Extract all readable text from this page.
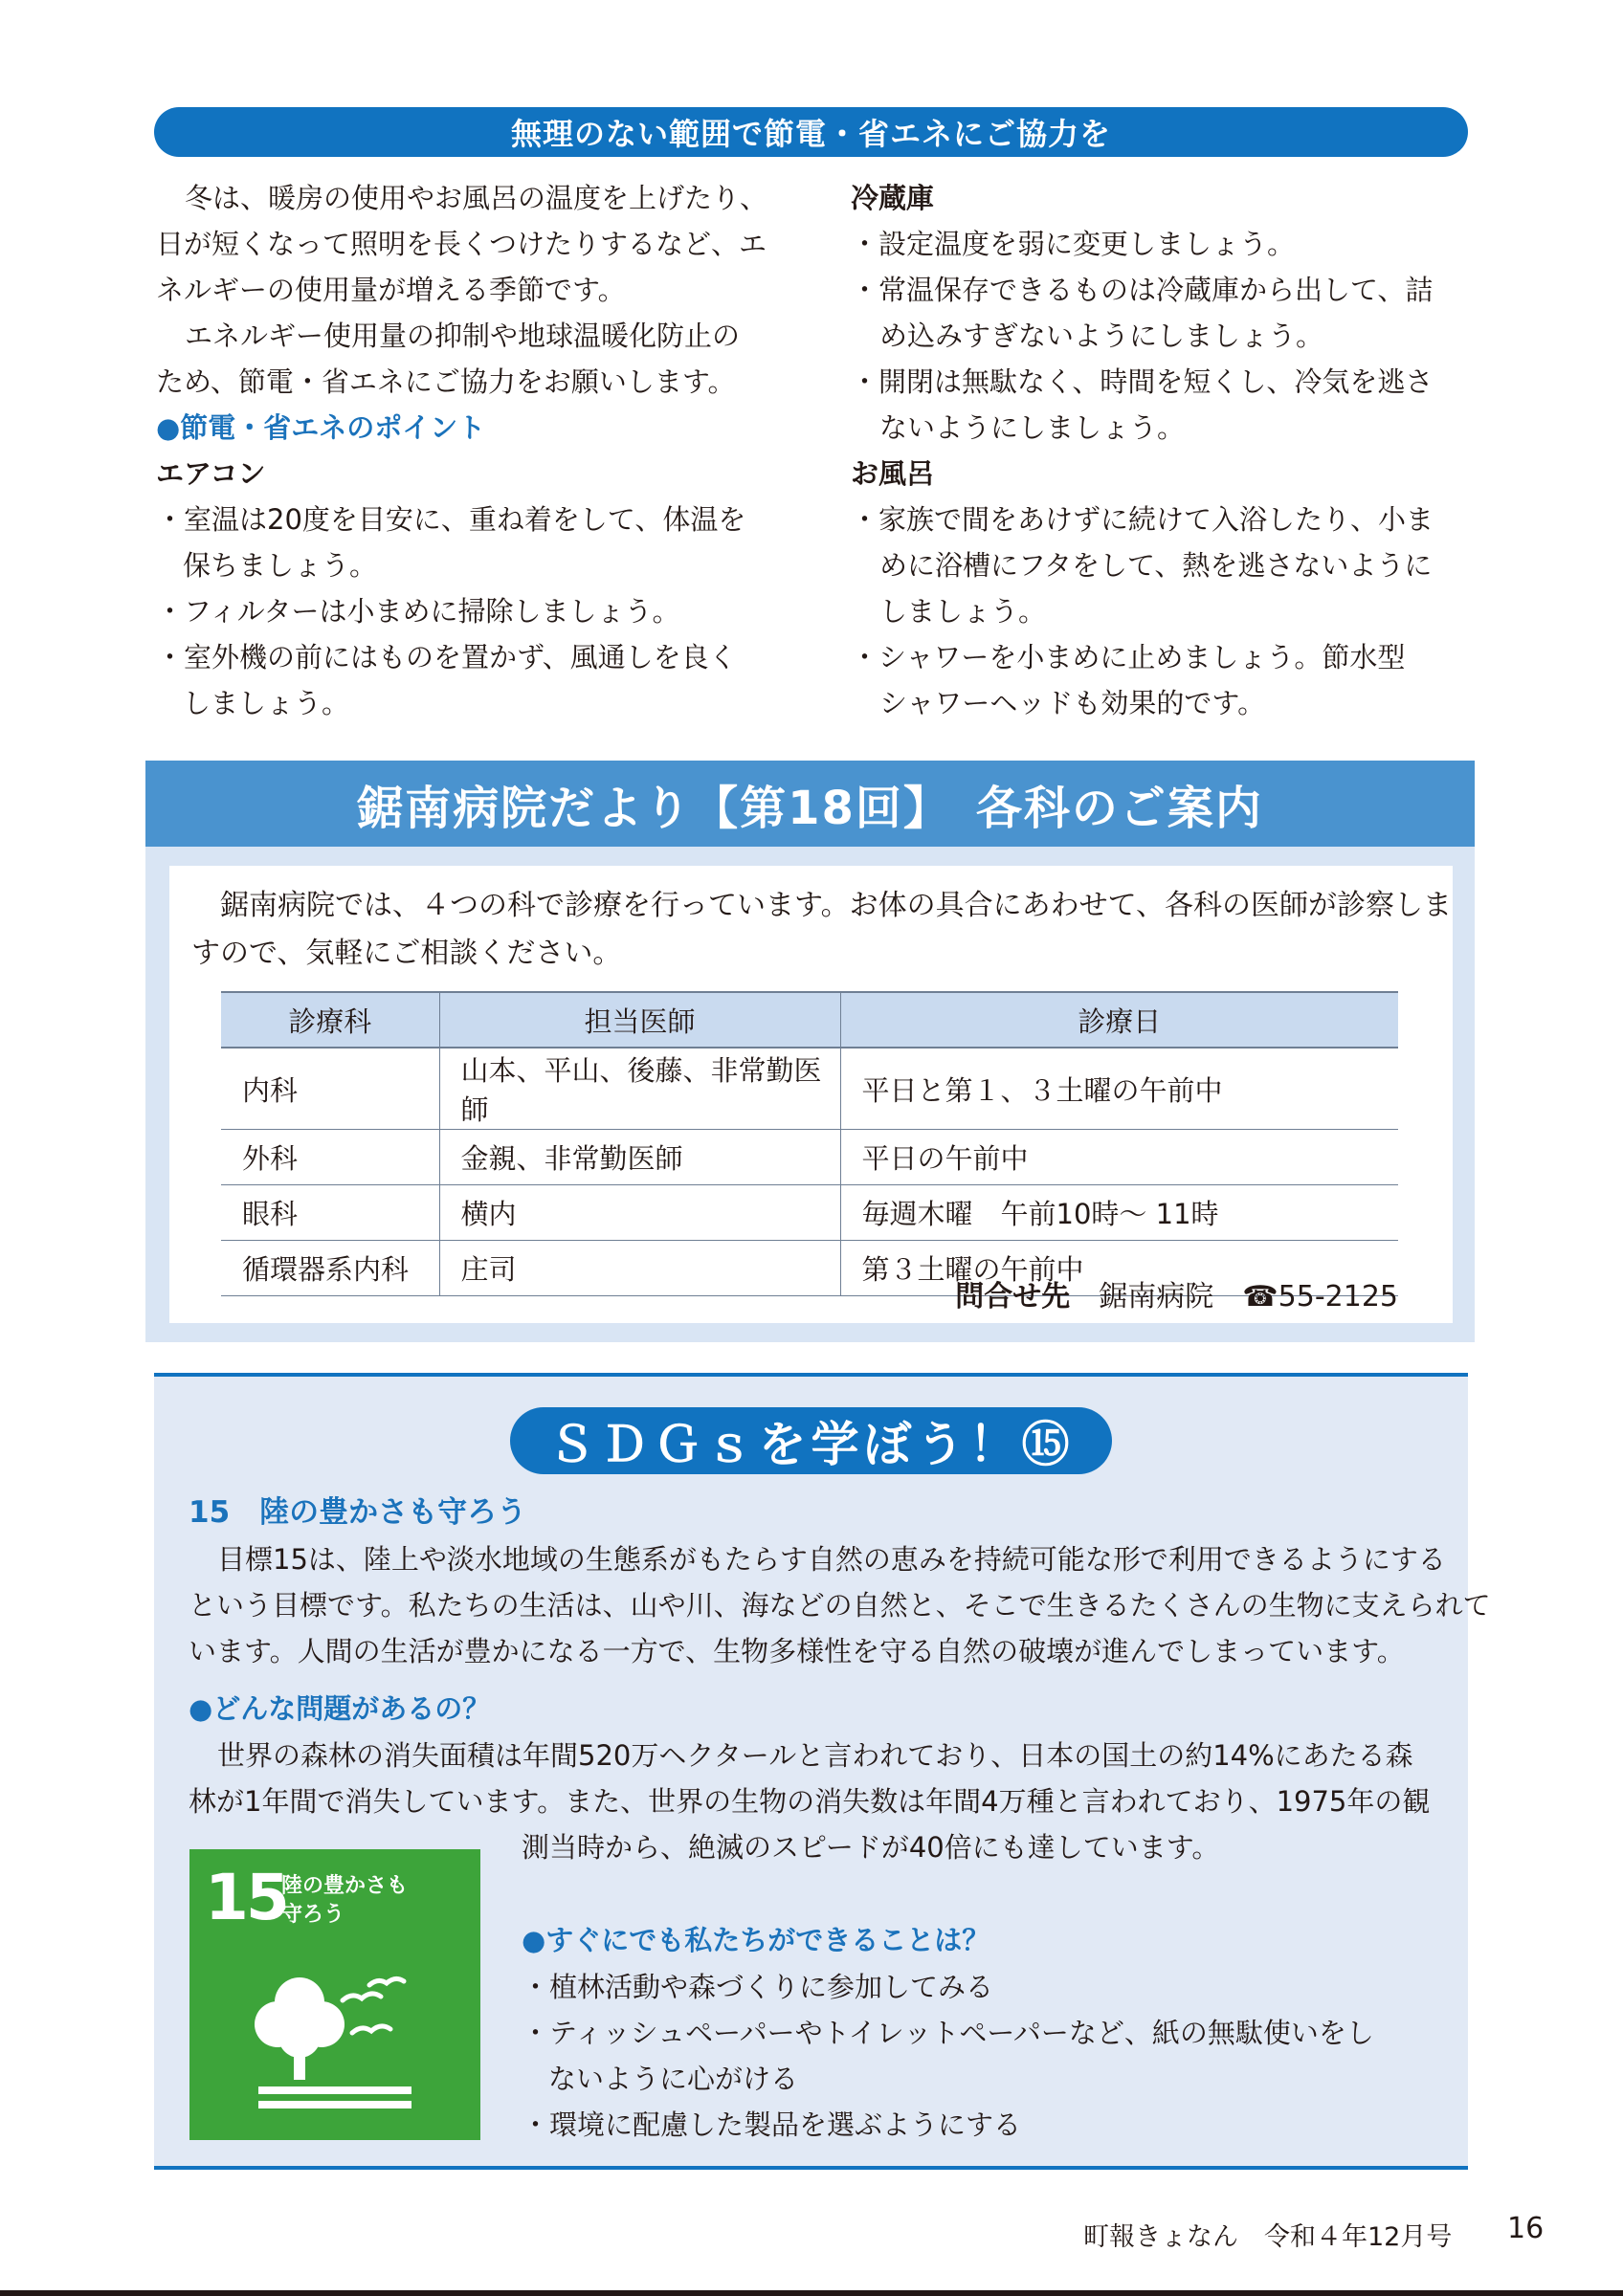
無理のない範囲で節電・省エネにご協力を
冬は、暖房の使用やお風呂の温度を上げたり、
日が短くなって照明を長くつけたりするなど、エ
ネルギーの使用量が増える季節です。
エネルギー使用量の抑制や地球温暖化防止の
ため、節電・省エネにご協力をお願いします。
●節電・省エネのポイント
エアコン
・室温は20度を目安に、重ね着をして、体温を
保ちましょう。
・フィルターは小まめに掃除しましょう。
・室外機の前にはものを置かず、風通しを良く
しましょう。
冷蔵庫
・設定温度を弱に変更しましょう。
・常温保存できるものは冷蔵庫から出して、詰
め込みすぎないようにしましょう。
・開閉は無駄なく、時間を短くし、冷気を逃さ
ないようにしましょう。
お風呂
・家族で間をあけずに続けて入浴したり、小ま
めに浴槽にフタをして、熱を逃さないように
しましょう。
・シャワーを小まめに止めましょう。節水型
シャワーヘッドも効果的です。
鋸南病院だより【第18回】　各科のご案内
鋸南病院では、４つの科で診療を行っています。お体の具合にあわせて、各科の医師が診察しま
すので、気軽にご相談ください。
診療科	担当医師	診療日
内科	山本、平山、後藤、非常勤医師	平日と第１、３土曜の午前中
外科	金親、非常勤医師	平日の午前中
眼科	横内	毎週木曜　午前10時～ 11時
循環器系内科	庄司	第３土曜の午前中
問合せ先　 鋸南病院　 ☎55-2125
ＳＤＧｓを学ぼう！⑮
15　陸の豊かさも守ろう
目標15は、陸上や淡水地域の生態系がもたらす自然の恵みを持続可能な形で利用できるようにする
という目標です。私たちの生活は、山や川、海などの自然と、そこで生きるたくさんの生物に支えられて
います。人間の生活が豊かになる一方で、生物多様性を守る自然の破壊が進んでしまっています。
●どんな問題があるの？
世界の森林の消失面積は年間520万ヘクタールと言われており、日本の国土の約14%にあたる森
林が1年間で消失しています。また、世界の生物の消失数は年間4万種と言われており、1975年の観
測当時から、絶滅のスピードが40倍にも達しています。
●すぐにでも私たちができることは？
・植林活動や森づくりに参加してみる
・ティッシュペーパーやトイレットペーパーなど、紙の無駄使いをし
ないように心がける
・環境に配慮した製品を選ぶようにする
15
陸の豊かさも
守ろう
町報きょなん　令和４年12月号 16
